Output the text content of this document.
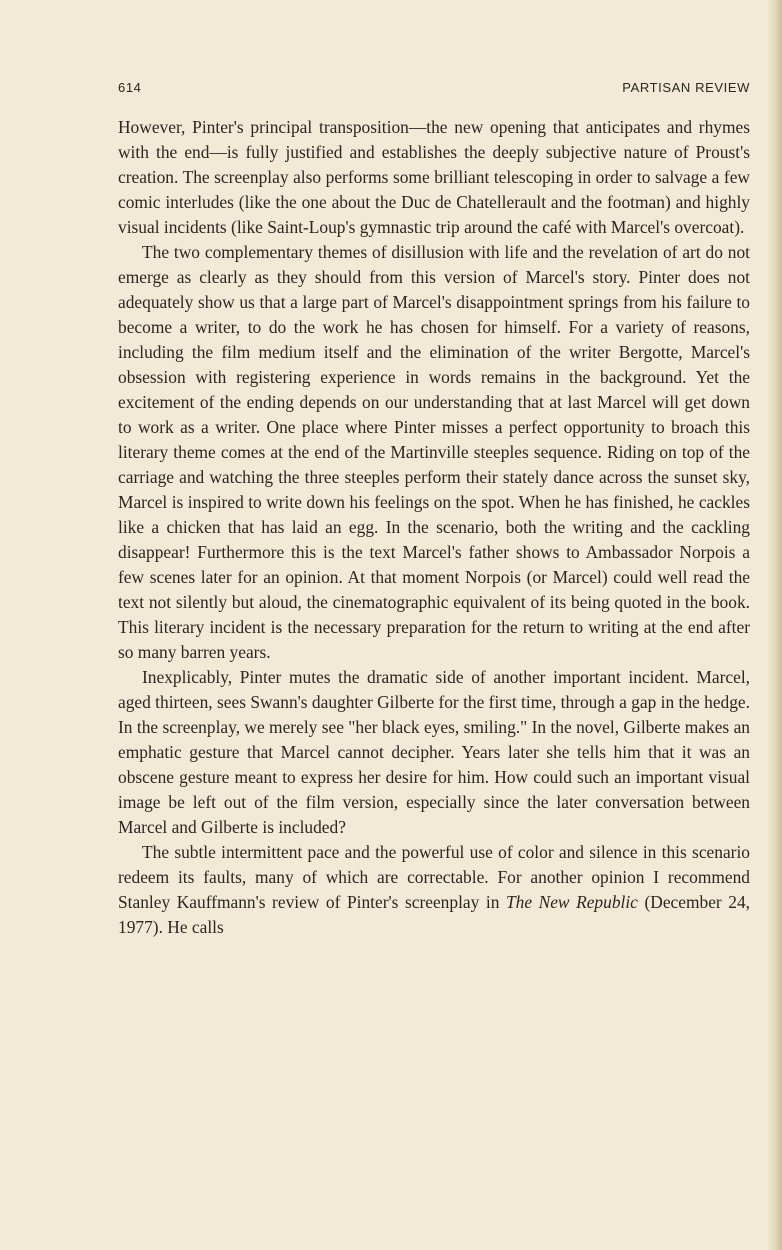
614	PARTISAN REVIEW

However, Pinter's principal transposition—the new opening that anticipates and rhymes with the end—is fully justified and establishes the deeply subjective nature of Proust's creation. The screenplay also performs some brilliant telescoping in order to salvage a few comic interludes (like the one about the Duc de Chatellerault and the footman) and highly visual incidents (like Saint-Loup's gymnastic trip around the café with Marcel's overcoat).

The two complementary themes of disillusion with life and the revelation of art do not emerge as clearly as they should from this version of Marcel's story. Pinter does not adequately show us that a large part of Marcel's disappointment springs from his failure to become a writer, to do the work he has chosen for himself. For a variety of reasons, including the film medium itself and the elimination of the writer Bergotte, Marcel's obsession with registering experience in words remains in the background. Yet the excitement of the ending depends on our understanding that at last Marcel will get down to work as a writer. One place where Pinter misses a perfect opportunity to broach this literary theme comes at the end of the Martinville steeples sequence. Riding on top of the carriage and watching the three steeples perform their stately dance across the sunset sky, Marcel is inspired to write down his feelings on the spot. When he has finished, he cackles like a chicken that has laid an egg. In the scenario, both the writing and the cackling disappear! Furthermore this is the text Marcel's father shows to Ambassador Norpois a few scenes later for an opinion. At that moment Norpois (or Marcel) could well read the text not silently but aloud, the cinematographic equivalent of its being quoted in the book. This literary incident is the necessary preparation for the return to writing at the end after so many barren years.

Inexplicably, Pinter mutes the dramatic side of another important incident. Marcel, aged thirteen, sees Swann's daughter Gilberte for the first time, through a gap in the hedge. In the screenplay, we merely see "her black eyes, smiling." In the novel, Gilberte makes an emphatic gesture that Marcel cannot decipher. Years later she tells him that it was an obscene gesture meant to express her desire for him. How could such an important visual image be left out of the film version, especially since the later conversation between Marcel and Gilberte is included?

The subtle intermittent pace and the powerful use of color and silence in this scenario redeem its faults, many of which are correctable. For another opinion I recommend Stanley Kauffmann's review of Pinter's screenplay in The New Republic (December 24, 1977). He calls
